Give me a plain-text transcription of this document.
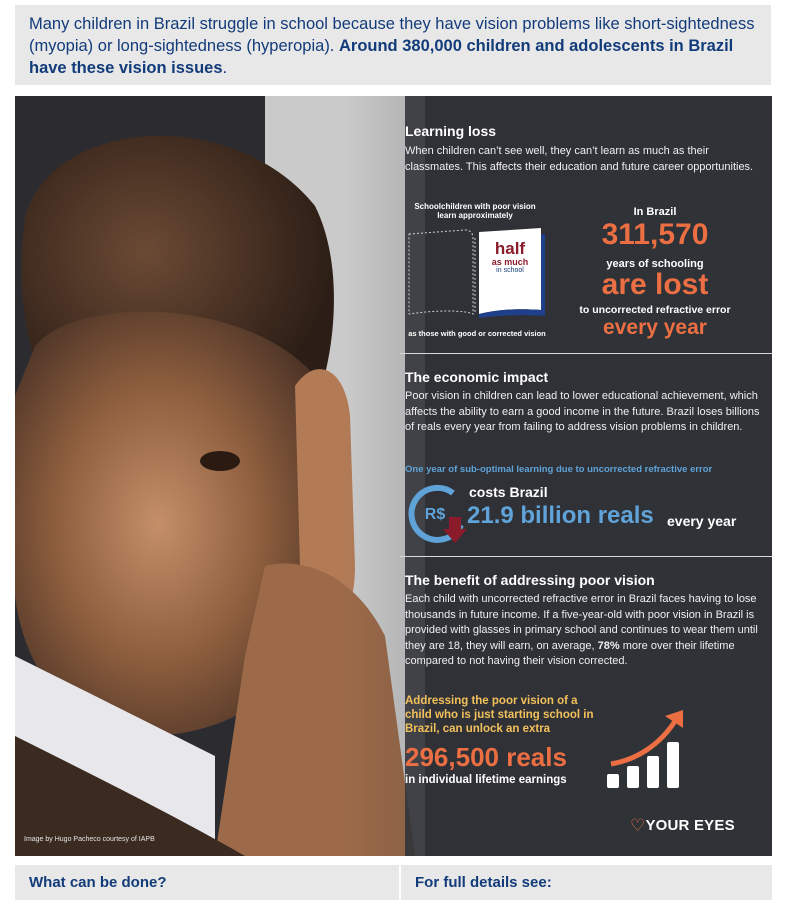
Many children in Brazil struggle in school because they have vision problems like short-sightedness (myopia) or long-sightedness (hyperopia). Around 380,000 children and adolescents in Brazil have these vision issues.
Image by Hugo Pacheco courtesy of IAPB
Learning loss
When children can’t see well, they can’t learn as much as their classmates. This affects their education and future career opportunities.
Schoolchildren with poor vision learn approximately
half
as much
in school
as those with good or corrected vision
In Brazil
311,570
years of schooling
are lost
to uncorrected refractive error
every year
The economic impact
Poor vision in children can lead to lower educational achievement, which affects the ability to earn a good income in the future. Brazil loses billions of reals every year from failing to address vision problems in children.
One year of sub-optimal learning due to uncorrected refractive error
R$
costs Brazil
21.9 billion reals every year
The benefit of addressing poor vision
Each child with uncorrected refractive error in Brazil faces having to lose thousands in future income. If a five-year-old with poor vision in Brazil is provided with glasses in primary school and continues to wear them until they are 18, they will earn, on average, 78% more over their lifetime compared to not having their vision corrected.
Addressing the poor vision of a child who is just starting school in Brazil, can unlock an extra
296,500 reals
in individual lifetime earnings
♡YOUR EYES
What can be done?	For full details see:
